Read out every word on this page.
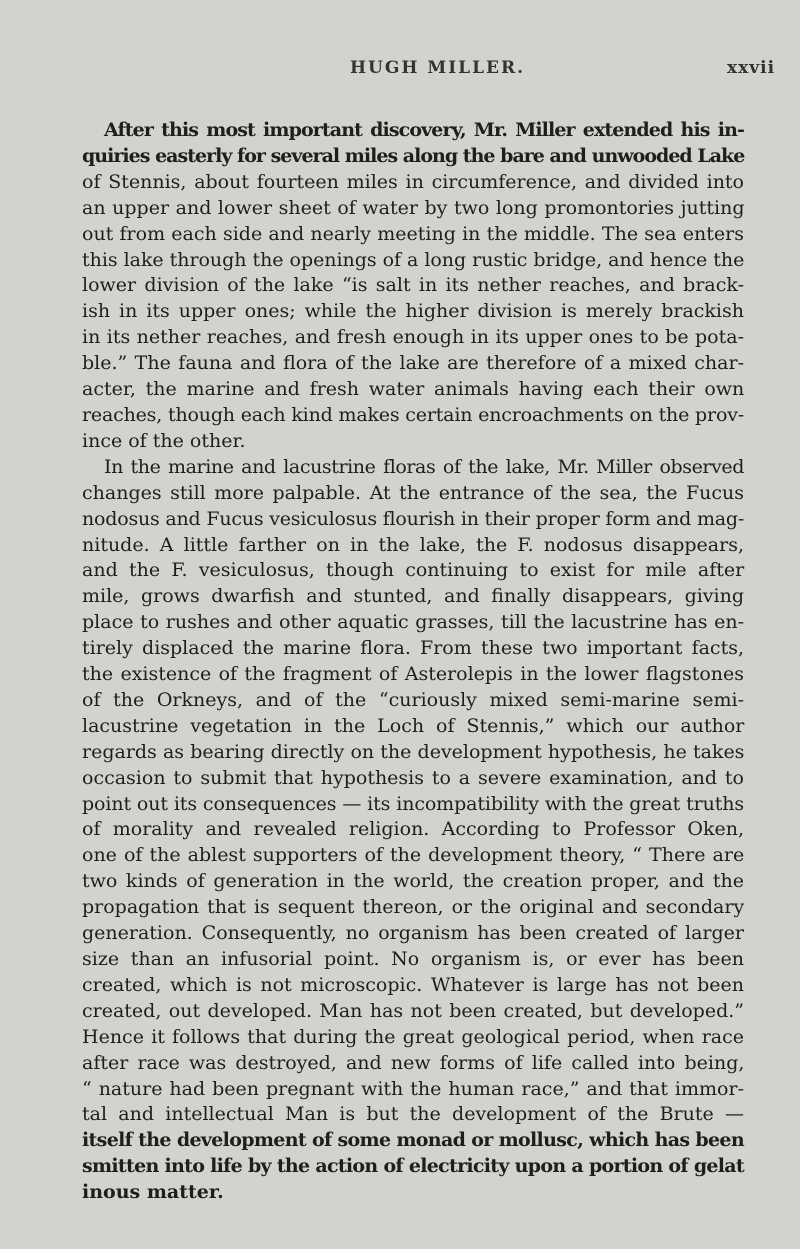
HUGH MILLER.	xxvii

After this most important discovery, Mr. Miller extended his in-
quiries easterly for several miles along the bare and unwooded Lake
of Stennis, about fourteen miles in circumference, and divided into
an upper and lower sheet of water by two long promontories jutting
out from each side and nearly meeting in the middle. The sea enters
this lake through the openings of a long rustic bridge, and hence the
lower division of the lake “is salt in its nether reaches, and brack-
ish in its upper ones; while the higher division is merely brackish
in its nether reaches, and fresh enough in its upper ones to be pota-
ble.” The fauna and flora of the lake are therefore of a mixed char-
acter, the marine and fresh water animals having each their own
reaches, though each kind makes certain encroachments on the prov-
ince of the other.

In the marine and lacustrine floras of the lake, Mr. Miller observed
changes still more palpable. At the entrance of the sea, the Fucus
nodosus and Fucus vesiculosus flourish in their proper form and mag-
nitude. A little farther on in the lake, the F. nodosus disappears,
and the F. vesiculosus, though continuing to exist for mile after
mile, grows dwarfish and stunted, and finally disappears, giving
place to rushes and other aquatic grasses, till the lacustrine has en-
tirely displaced the marine flora. From these two important facts,
the existence of the fragment of Asterolepis in the lower flagstones
of the Orkneys, and of the “curiously mixed semi-marine semi-
lacustrine vegetation in the Loch of Stennis,” which our author
regards as bearing directly on the development hypothesis, he takes
occasion to submit that hypothesis to a severe examination, and to
point out its consequences — its incompatibility with the great truths
of morality and revealed religion. According to Professor Oken,
one of the ablest supporters of the development theory, “ There are
two kinds of generation in the world, the creation proper, and the
propagation that is sequent thereon, or the original and secondary
generation. Consequently, no organism has been created of larger
size than an infusorial point. No organism is, or ever has been
created, which is not microscopic. Whatever is large has not been
created, out developed. Man has not been created, but developed.”
Hence it follows that during the great geological period, when race
after race was destroyed, and new forms of life called into being,
“ nature had been pregnant with the human race,” and that immor-
tal and intellectual Man is but the development of the Brute —
itself the development of some monad or mollusc, which has been
smitten into life by the action of electricity upon a portion of gelat
inous matter.
